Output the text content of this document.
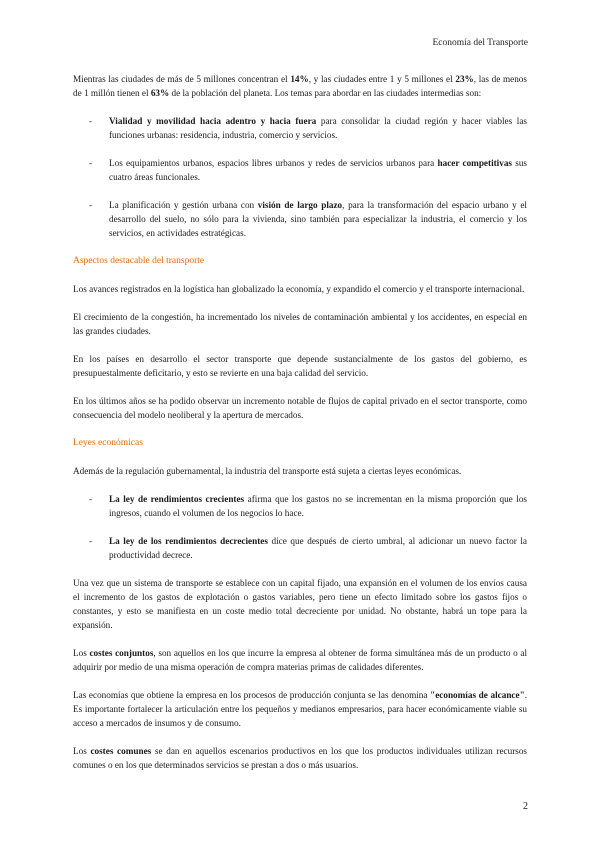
Economía del Transporte

Mientras las ciudades de más de 5 millones concentran el 14%, y las ciudades entre 1 y 5 millones el 23%, las de menos de 1 millón tienen el 63% de la población del planeta. Los temas para abordar en las ciudades intermedias son:

- Vialidad y movilidad hacia adentro y hacia fuera para consolidar la ciudad región y hacer viables las funciones urbanas: residencia, industria, comercio y servicios.
- Los equipamientos urbanos, espacios libres urbanos y redes de servicios urbanos para hacer competitivas sus cuatro áreas funcionales.
- La planificación y gestión urbana con visión de largo plazo, para la transformación del espacio urbano y el desarrollo del suelo, no sólo para la vivienda, sino también para especializar la industria, el comercio y los servicios, en actividades estratégicas.
Aspectos destacable del transporte

Los avances registrados en la logística han globalizado la economía, y expandido el comercio y el transporte internacional.

El crecimiento de la congestión, ha incrementado los niveles de contaminación ambiental y los accidentes, en especial en las grandes ciudades.

En los países en desarrollo el sector transporte que depende sustancialmente de los gastos del gobierno, es presupuestalmente deficitario, y esto se revierte en una baja calidad del servicio.

En los últimos años se ha podido observar un incremento notable de flujos de capital privado en el sector transporte, como consecuencia del modelo neoliberal y la apertura de mercados.

Leyes económicas

Además de la regulación gubernamental, la industria del transporte está sujeta a ciertas leyes económicas.

- La ley de rendimientos crecientes afirma que los gastos no se incrementan en la misma proporción que los ingresos, cuando el volumen de los negocios lo hace.
- La ley de los rendimientos decrecientes dice que después de cierto umbral, al adicionar un nuevo factor la productividad decrece.

Una vez que un sistema de transporte se establece con un capital fijado, una expansión en el volumen de los envíos causa el incremento de los gastos de explotación o gastos variables, pero tiene un efecto limitado sobre los gastos fijos o constantes, y esto se manifiesta en un coste medio total decreciente por unidad. No obstante, habrá un tope para la expansión.

Los costes conjuntos, son aquellos en los que incurre la empresa al obtener de forma simultánea más de un producto o al adquirir por medio de una misma operación de compra materias primas de calidades diferentes.

Las economías que obtiene la empresa en los procesos de producción conjunta se las denomina "economías de alcance". Es importante fortalecer la articulación entre los pequeños y medianos empresarios, para hacer económicamente viable su acceso a mercados de insumos y de consumo.

Los costes comunes se dan en aquellos escenarios productivos en los que los productos individuales utilizan recursos comunes o en los que determinados servicios se prestan a dos o más usuarios.

2
